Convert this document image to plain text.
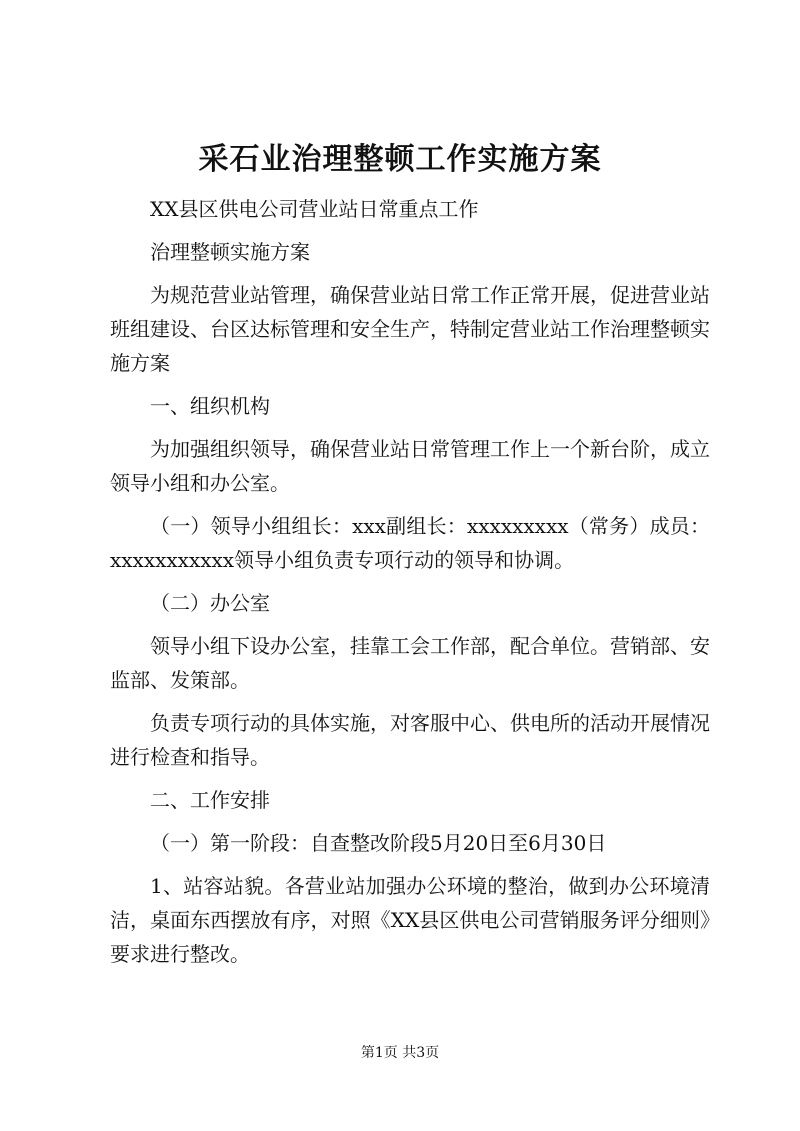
采石业治理整顿工作实施方案

XX县区供电公司营业站日常重点工作

治理整顿实施方案

为规范营业站管理，确保营业站日常工作正常开展，促进营业站班组建设、台区达标管理和安全生产，特制定营业站工作治理整顿实施方案

一、组织机构

为加强组织领导，确保营业站日常管理工作上一个新台阶，成立领导小组和办公室。

（一）领导小组组长：xxx副组长：xxxxxxxxx（常务）成员：xxxxxxxxxxx领导小组负责专项行动的领导和协调。

（二）办公室

领导小组下设办公室，挂靠工会工作部，配合单位。营销部、安监部、发策部。

负责专项行动的具体实施，对客服中心、供电所的活动开展情况进行检查和指导。

二、工作安排

（一）第一阶段：自查整改阶段5月20日至6月30日

1、站容站貌。各营业站加强办公环境的整治，做到办公环境清洁，桌面东西摆放有序，对照《XX县区供电公司营销服务评分细则》要求进行整改。

第1页 共3页
